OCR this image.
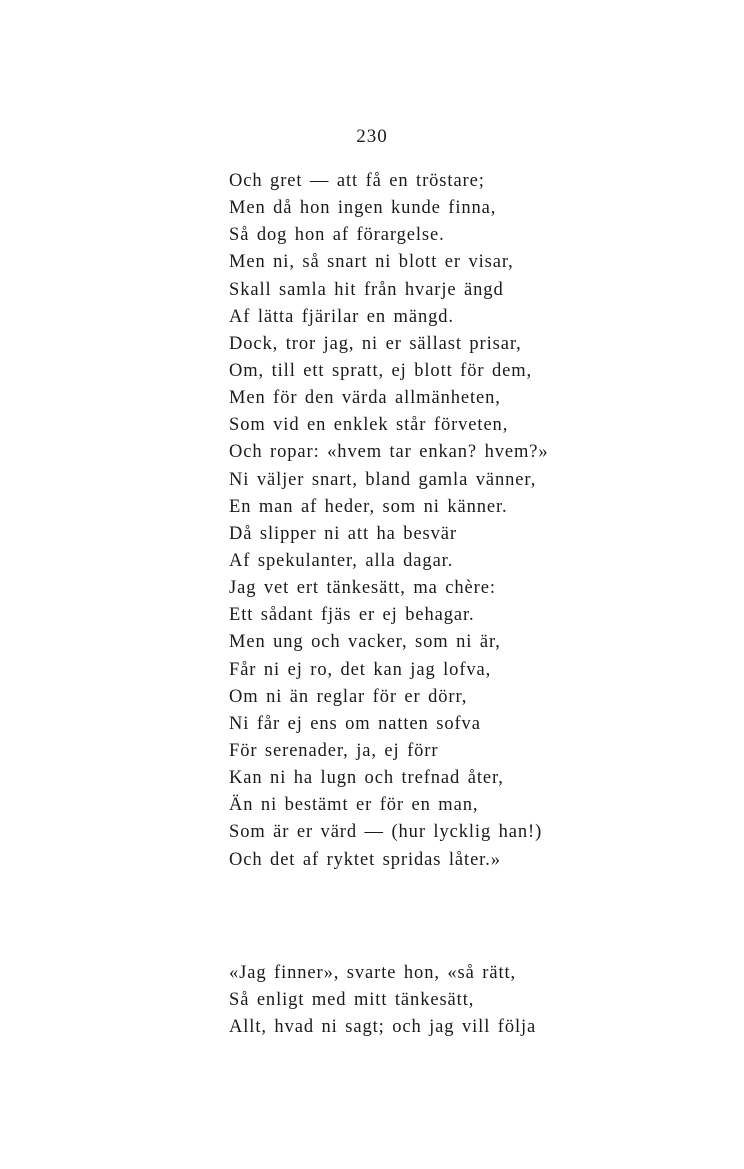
230
Och gret — att få en tröstare;
Men då hon ingen kunde finna,
Så dog hon af förargelse.
Men ni, så snart ni blott er visar,
Skall samla hit från hvarje ängd
Af lätta fjärilar en mängd.
Dock, tror jag, ni er sällast prisar,
Om, till ett spratt, ej blott för dem,
Men för den värda allmänheten,
Som vid en enklek står förveten,
Och ropar: «hvem tar enkan? hvem?»
Ni väljer snart, bland gamla vänner,
En man af heder, som ni känner.
Då slipper ni att ha besvär
Af spekulanter, alla dagar.
Jag vet ert tänkesätt, ma chère:
Ett sådant fjäs er ej behagar.
Men ung och vacker, som ni är,
Får ni ej ro, det kan jag lofva,
Om ni än reglar för er dörr,
Ni får ej ens om natten sofva
För serenader, ja, ej förr
Kan ni ha lugn och trefnad åter,
Än ni bestämt er för en man,
Som är er värd — (hur lycklig han!)
Och det af ryktet spridas låter.»
«Jag finner», svarte hon, «så rätt,
Så enligt med mitt tänkesätt,
Allt, hvad ni sagt; och jag vill följa
